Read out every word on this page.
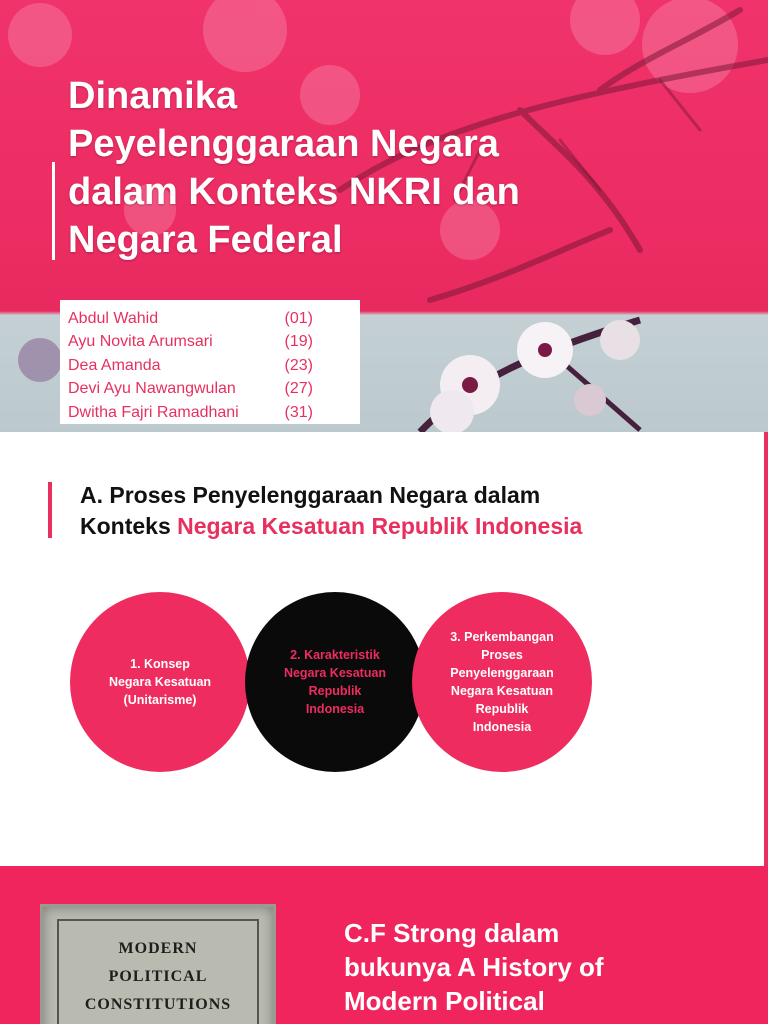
Dinamika
Peyelenggaraan Negara
dalam Konteks NKRI dan
Negara Federal
Abdul Wahid	(01)
Ayu Novita Arumsari	(19)
Dea Amanda	(23)
Devi Ayu Nawangwulan	(27)
Dwitha Fajri Ramadhani	(31)
A. Proses Penyelenggaraan Negara dalam
Konteks Negara Kesatuan Republik Indonesia
1. Konsep
Negara Kesatuan
(Unitarisme)
2. Karakteristik
Negara Kesatuan
Republik
Indonesia
3. Perkembangan
Proses
Penyelenggaraan
Negara Kesatuan
Republik
Indonesia
MODERN
POLITICAL
CONSTITUTIONS
C.F Strong dalam
bukunya A History of
Modern Political
